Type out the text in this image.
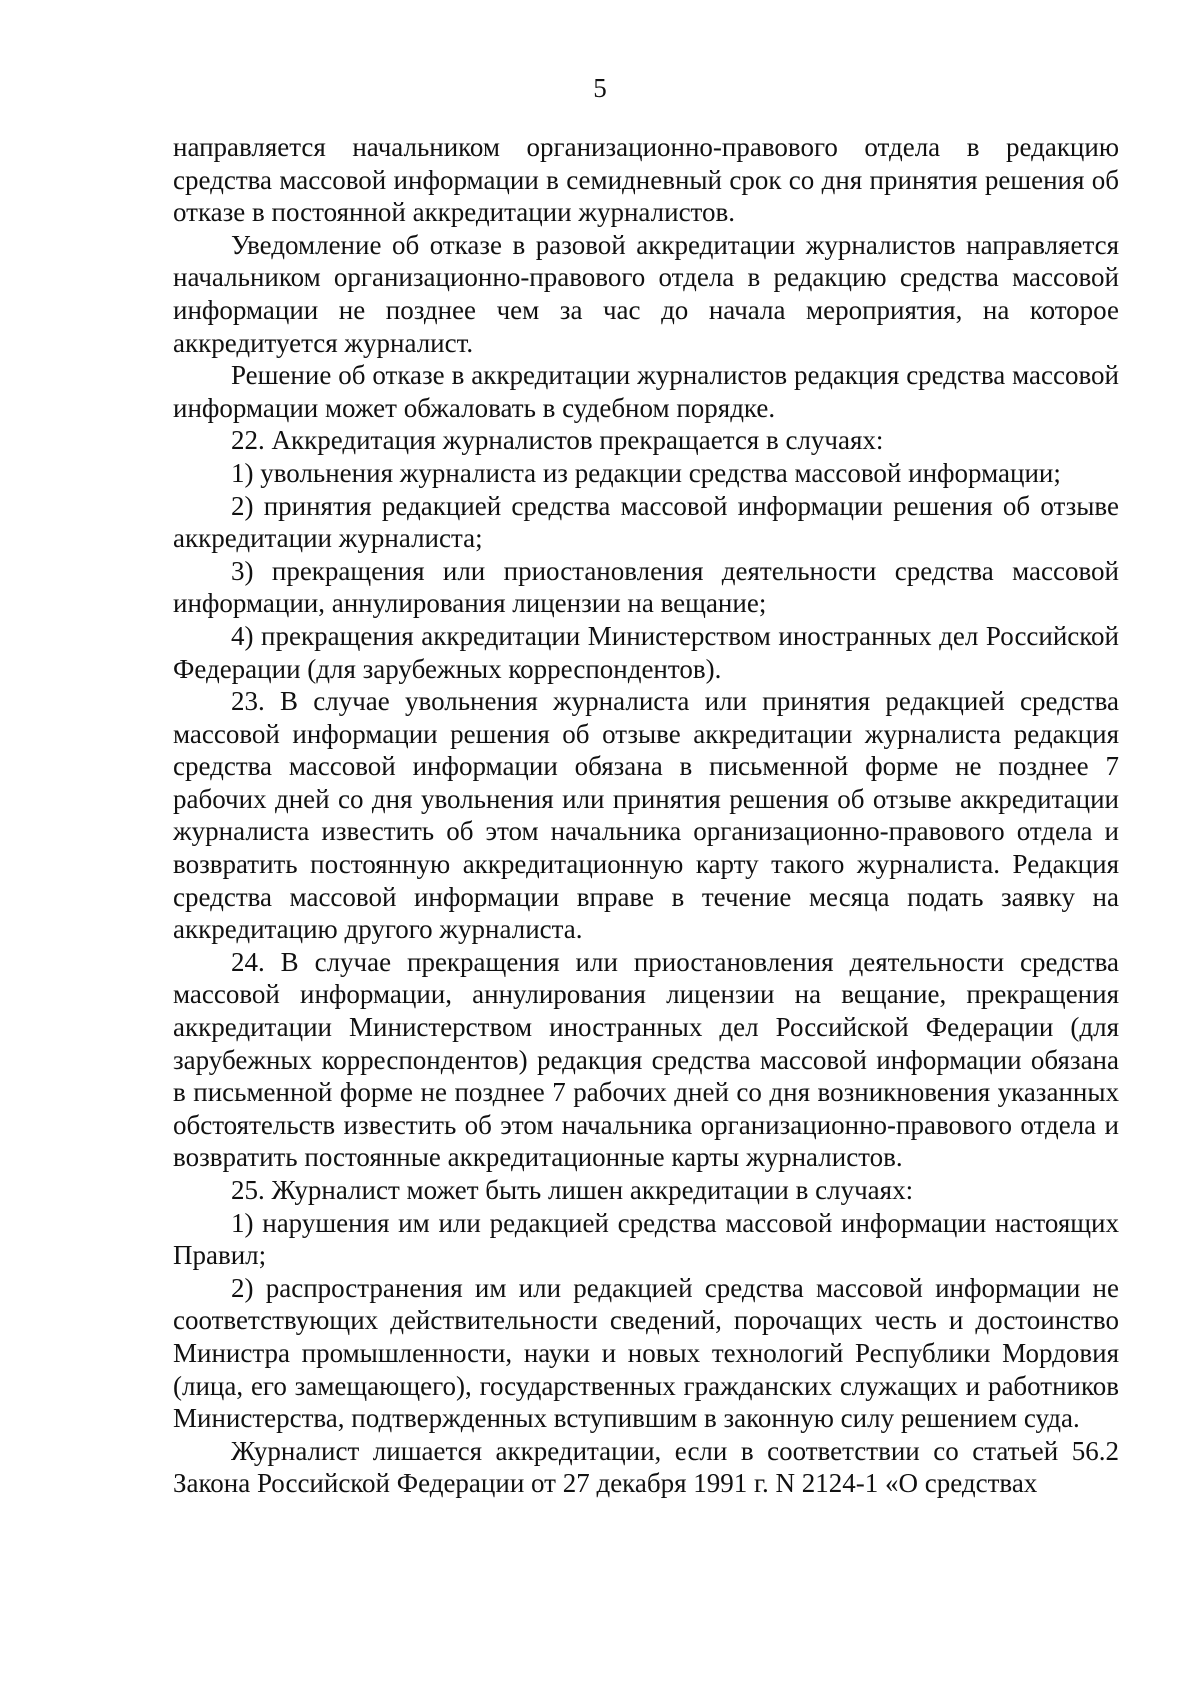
5

направляется начальником организационно-правового отдела в редакцию средства массовой информации в семидневный срок со дня принятия решения об отказе в постоянной аккредитации журналистов.

Уведомление об отказе в разовой аккредитации журналистов направляется начальником организационно-правового отдела в редакцию средства массовой информации не позднее чем за час до начала мероприятия, на которое аккредитуется журналист.

Решение об отказе в аккредитации журналистов редакция средства массовой информации может обжаловать в судебном порядке.

22. Аккредитация журналистов прекращается в случаях:

1) увольнения журналиста из редакции средства массовой информации;

2) принятия редакцией средства массовой информации решения об отзыве аккредитации журналиста;

3) прекращения или приостановления деятельности средства массовой информации, аннулирования лицензии на вещание;

4) прекращения аккредитации Министерством иностранных дел Российской Федерации (для зарубежных корреспондентов).

23. В случае увольнения журналиста или принятия редакцией средства массовой информации решения об отзыве аккредитации журналиста редакция средства массовой информации обязана в письменной форме не позднее 7 рабочих дней со дня увольнения или принятия решения об отзыве аккредитации журналиста известить об этом начальника организационно-правового отдела и возвратить постоянную аккредитационную карту такого журналиста. Редакция средства массовой информации вправе в течение месяца подать заявку на аккредитацию другого журналиста.

24. В случае прекращения или приостановления деятельности средства массовой информации, аннулирования лицензии на вещание, прекращения аккредитации Министерством иностранных дел Российской Федерации (для зарубежных корреспондентов) редакция средства массовой информации обязана в письменной форме не позднее 7 рабочих дней со дня возникновения указанных обстоятельств известить об этом начальника организационно-правового отдела и возвратить постоянные аккредитационные карты журналистов.

25. Журналист может быть лишен аккредитации в случаях:

1) нарушения им или редакцией средства массовой информации настоящих Правил;

2) распространения им или редакцией средства массовой информации не соответствующих действительности сведений, порочащих честь и достоинство Министра промышленности, науки и новых технологий Республики Мордовия (лица, его замещающего), государственных гражданских служащих и работников Министерства, подтвержденных вступившим в законную силу решением суда.

Журналист лишается аккредитации, если в соответствии со статьей 56.2 Закона Российской Федерации от 27 декабря 1991 г. N 2124-1 «О средствах
